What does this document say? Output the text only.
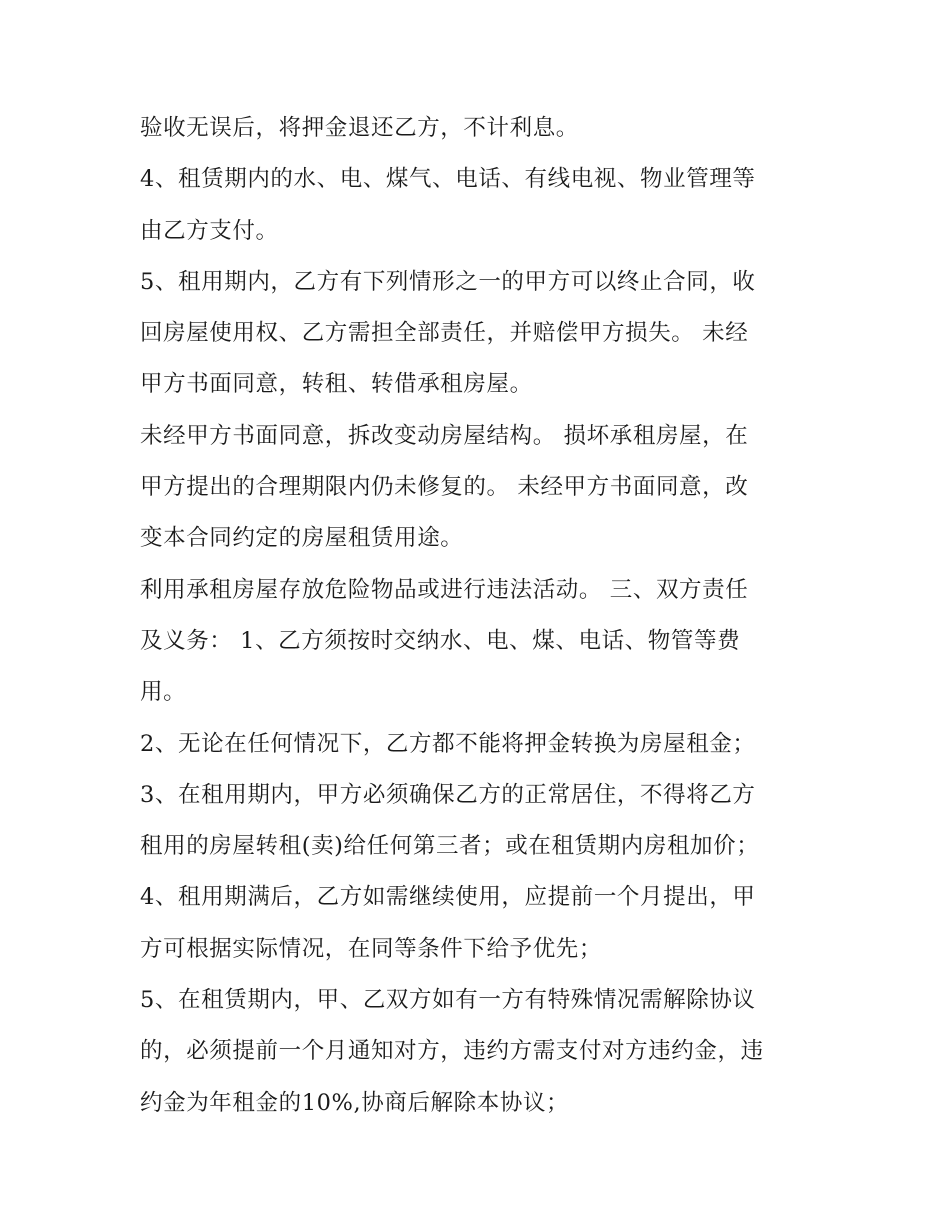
验收无误后，将押金退还乙方，不计利息。

4、租赁期内的水、电、煤气、电话、有线电视、物业管理等
由乙方支付。

5、租用期内，乙方有下列情形之一的甲方可以终止合同，收
回房屋使用权、乙方需担全部责任，并赔偿甲方损失。 未经
甲方书面同意，转租、转借承租房屋。

未经甲方书面同意，拆改变动房屋结构。 损坏承租房屋，在
甲方提出的合理期限内仍未修复的。 未经甲方书面同意，改
变本合同约定的房屋租赁用途。

利用承租房屋存放危险物品或进行违法活动。 三、双方责任
及义务： 1、乙方须按时交纳水、电、煤、电话、物管等费
用。

2、无论在任何情况下，乙方都不能将押金转换为房屋租金；

3、在租用期内，甲方必须确保乙方的正常居住，不得将乙方
租用的房屋转租(卖)给任何第三者；或在租赁期内房租加价；

4、租用期满后，乙方如需继续使用，应提前一个月提出，甲
方可根据实际情况，在同等条件下给予优先；

5、在租赁期内，甲、乙双方如有一方有特殊情况需解除协议
的，必须提前一个月通知对方，违约方需支付对方违约金，违
约金为年租金的10%,协商后解除本协议；
